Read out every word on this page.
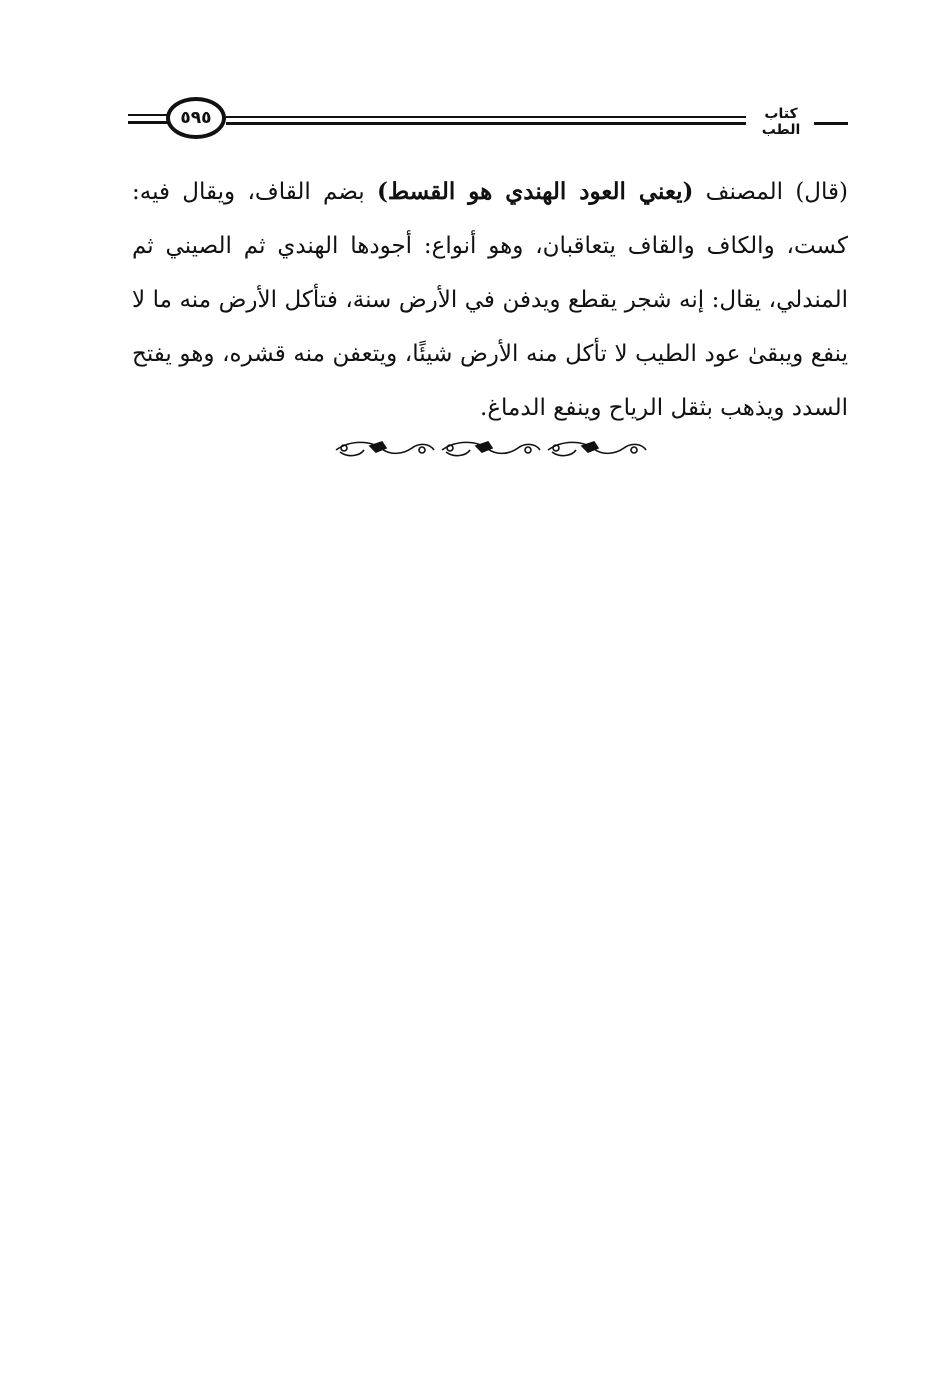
٥٩٥	كتاب الطب
(قال) المصنف (يعني العود الهندي هو القسط) بضم القاف، ويقال فيه: كست، والكاف والقاف يتعاقبان، وهو أنواع: أجودها الهندي ثم الصيني ثم المندلي، يقال: إنه شجر يقطع ويدفن في الأرض سنة، فتأكل الأرض منه ما لا ينفع ويبقىٰ عود الطيب لا تأكل منه الأرض شيئًا، ويتعفن منه قشره، وهو يفتح السدد ويذهب بثقل الرياح وينفع الدماغ.
